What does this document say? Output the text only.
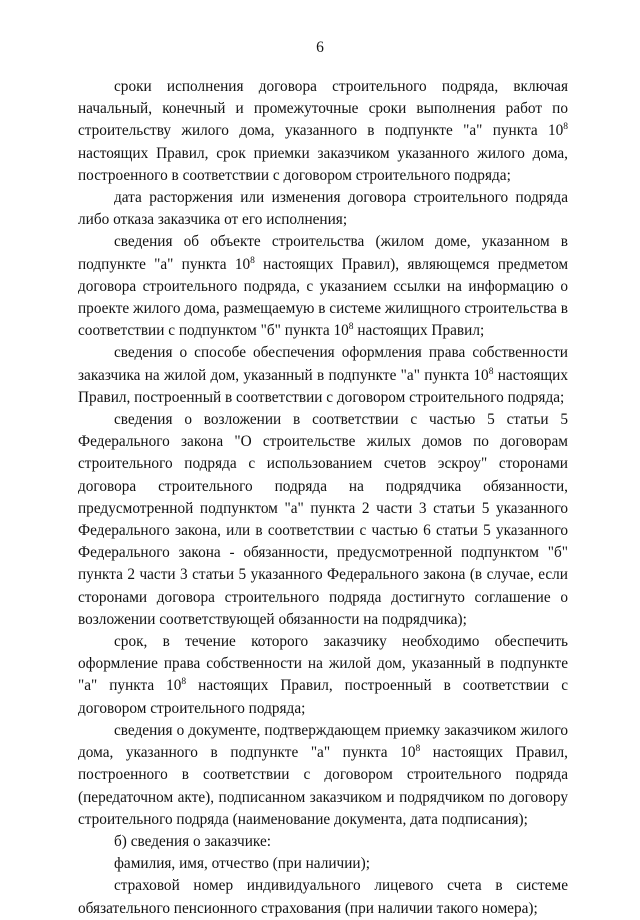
6

сроки исполнения договора строительного подряда, включая начальный, конечный и промежуточные сроки выполнения работ по строительству жилого дома, указанного в подпункте "а" пункта $10^8$ настоящих Правил, срок приемки заказчиком указанного жилого дома, построенного в соответствии с договором строительного подряда;

дата расторжения или изменения договора строительного подряда либо отказа заказчика от его исполнения;

сведения об объекте строительства (жилом доме, указанном в подпункте "а" пункта $10^8$ настоящих Правил), являющемся предметом договора строительного подряда, с указанием ссылки на информацию о проекте жилого дома, размещаемую в системе жилищного строительства в соответствии с подпунктом "б" пункта $10^8$ настоящих Правил;

сведения о способе обеспечения оформления права собственности заказчика на жилой дом, указанный в подпункте "а" пункта $10^8$ настоящих Правил, построенный в соответствии с договором строительного подряда;

сведения о возложении в соответствии с частью 5 статьи 5 Федерального закона "О строительстве жилых домов по договорам строительного подряда с использованием счетов эскроу" сторонами договора строительного подряда на подрядчика обязанности, предусмотренной подпунктом "а" пункта 2 части 3 статьи 5 указанного Федерального закона, или в соответствии с частью 6 статьи 5 указанного Федерального закона - обязанности, предусмотренной подпунктом "б" пункта 2 части 3 статьи 5 указанного Федерального закона (в случае, если сторонами договора строительного подряда достигнуто соглашение о возложении соответствующей обязанности на подрядчика);

срок, в течение которого заказчику необходимо обеспечить оформление права собственности на жилой дом, указанный в подпункте "а" пункта $10^8$ настоящих Правил, построенный в соответствии с договором строительного подряда;

сведения о документе, подтверждающем приемку заказчиком жилого дома, указанного в подпункте "а" пункта $10^8$ настоящих Правил, построенного в соответствии с договором строительного подряда (передаточном акте), подписанном заказчиком и подрядчиком по договору строительного подряда (наименование документа, дата подписания);

б) сведения о заказчике:

фамилия, имя, отчество (при наличии);

страховой номер индивидуального лицевого счета в системе обязательного пенсионного страхования (при наличии такого номера);
